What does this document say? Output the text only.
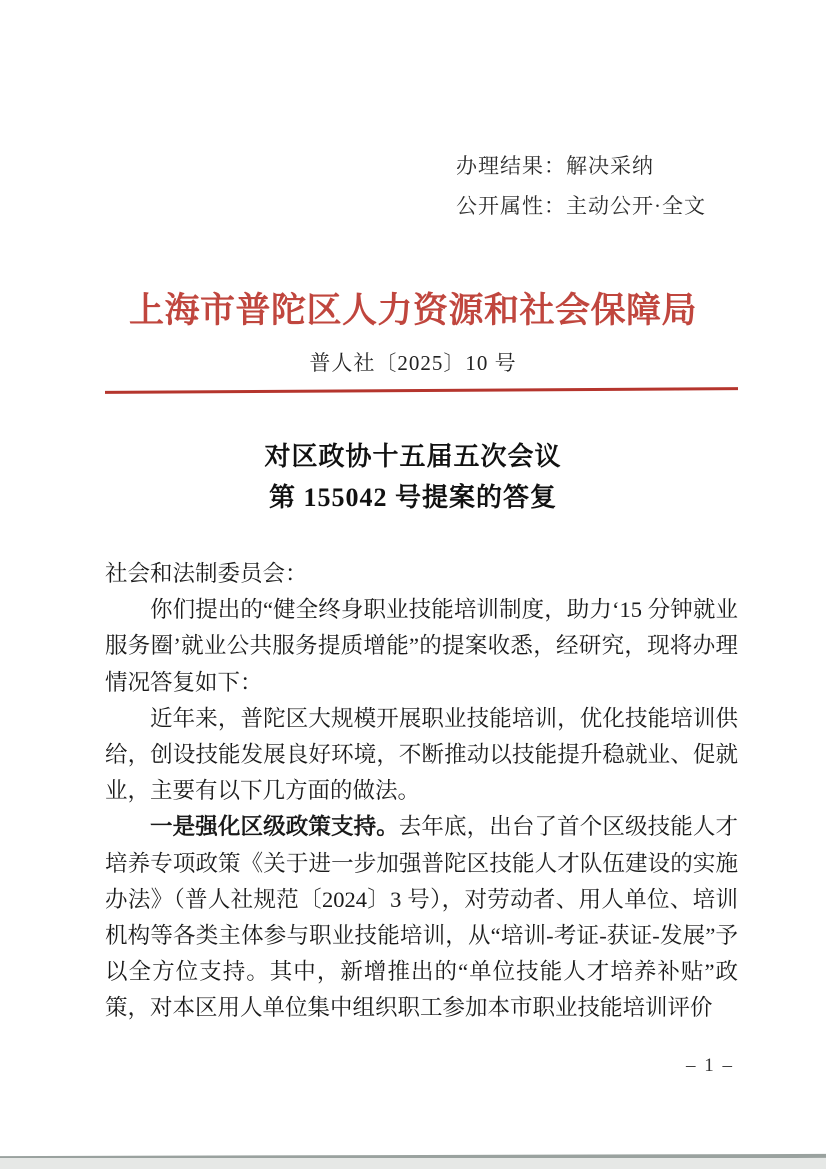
办理结果：解决采纳
公开属性：主动公开·全文
上海市普陀区人力资源和社会保障局
普人社〔2025〕10 号
对区政协十五届五次会议
第 155042 号提案的答复

社会和法制委员会：

你们提出的“健全终身职业技能培训制度，助力‘15 分钟就业服务圈’就业公共服务提质增能”的提案收悉，经研究，现将办理情况答复如下：

近年来，普陀区大规模开展职业技能培训，优化技能培训供给，创设技能发展良好环境，不断推动以技能提升稳就业、促就业，主要有以下几方面的做法。

一是强化区级政策支持。去年底，出台了首个区级技能人才培养专项政策《关于进一步加强普陀区技能人才队伍建设的实施办法》（普人社规范〔2024〕3 号），对劳动者、用人单位、培训机构等各类主体参与职业技能培训，从“培训-考证-获证-发展”予以全方位支持。其中，新增推出的“单位技能人才培养补贴”政策，对本区用人单位集中组织职工参加本市职业技能培训评价

– 1 –
